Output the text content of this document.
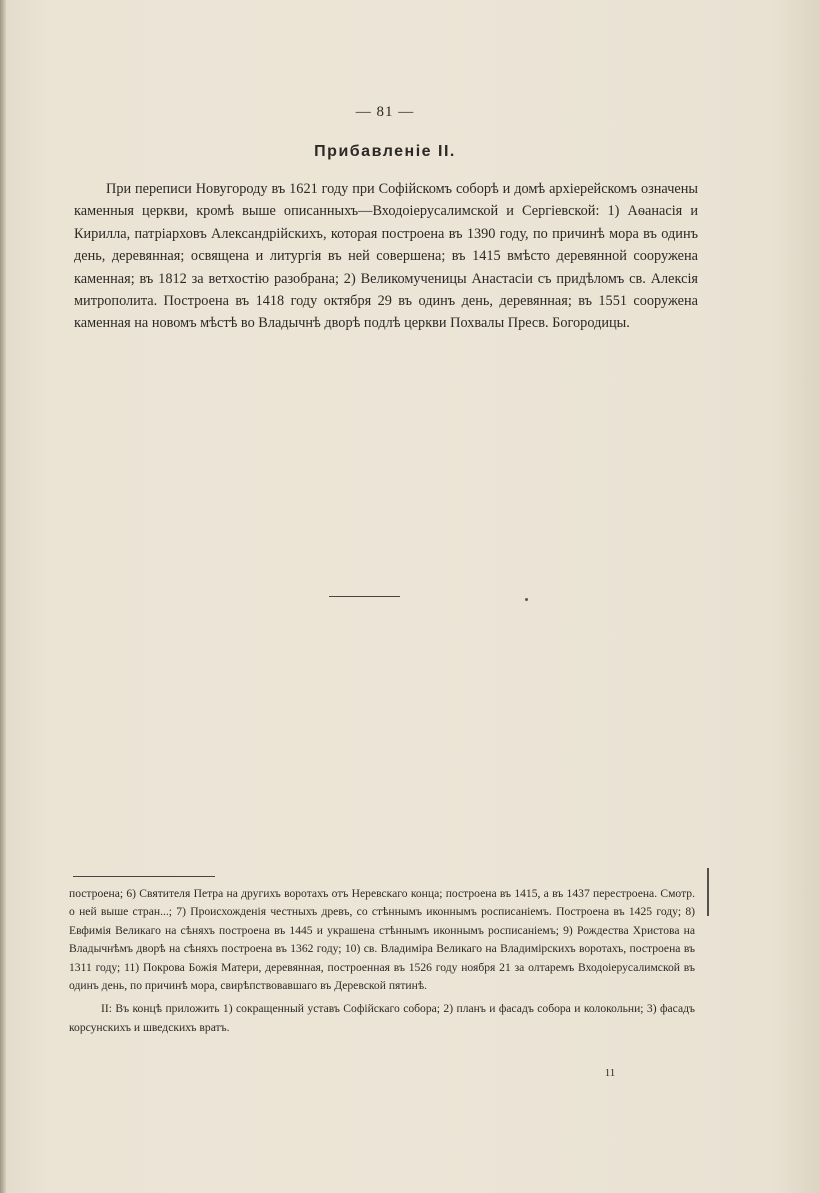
— 81 —
Прибавленіе II.

При переписи Новугороду въ 1621 году при Софійскомъ соборѣ и домѣ архіерейскомъ означены каменныя церкви, кромѣ выше описанныхъ—Входоіерусалимской и Сергіевской: 1) Аѳанасія и Кирилла, патріарховъ Александрійскихъ, которая построена въ 1390 году, по причинѣ мора въ одинъ день, деревянная; освящена и литургія въ ней совершена; въ 1415 вмѣсто деревянной сооружена каменная; въ 1812 за ветхостію разобрана; 2) Великомученицы Анастасіи съ придѣломъ св. Алексія митрополита. Построена въ 1418 году октября 29 въ одинъ день, деревянная; въ 1551 сооружена каменная на новомъ мѣстѣ во Владычнѣ дворѣ подлѣ церкви Похвалы Пресв. Богородицы.

построена; 6) Святителя Петра на другихъ воротахъ отъ Неревскаго конца; построена въ 1415, а въ 1437 перестроена. Смотр. о ней выше стран...; 7) Происхожденія честныхъ древъ, со стѣннымъ иконнымъ росписаніемъ. Построена въ 1425 году; 8) Евфимія Великаго на сѣняхъ построена въ 1445 и украшена стѣннымъ иконнымъ росписаніемъ; 9) Рождества Христова на Владычнѣмъ дворѣ на сѣняхъ построена въ 1362 году; 10) св. Владиміра Великаго на Владимірскихъ воротахъ, построена въ 1311 году; 11) Покрова Божія Матери, деревянная, построенная въ 1526 году ноября 21 за олтаремъ Входоіерусалимской въ одинъ день, по причинѣ мора, свирѣпствовавшаго въ Деревской пятинѣ.

II: Въ концѣ приложить 1) сокращенный уставъ Софійскаго собора; 2) планъ и фасадъ собора и колокольни; 3) фасадъ корсунскихъ и шведскихъ вратъ.

11
